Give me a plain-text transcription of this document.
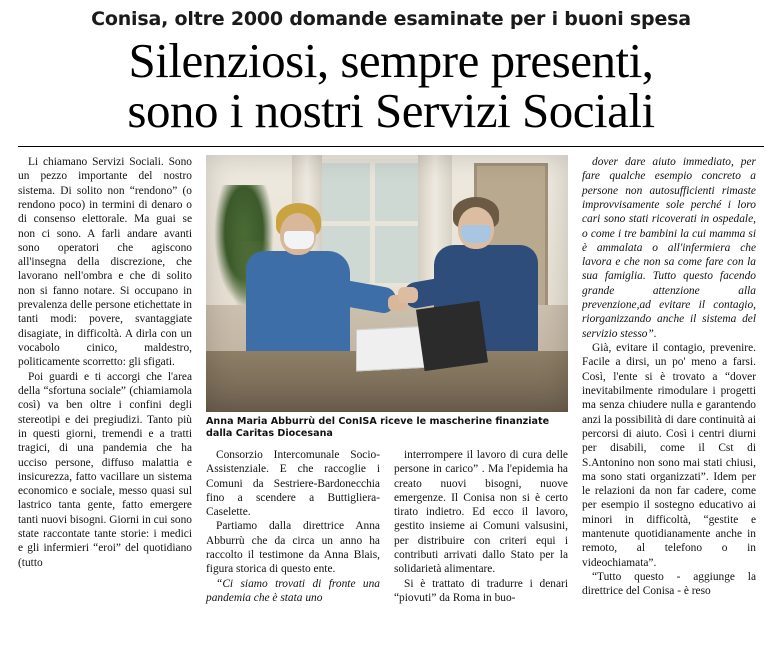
Conisa, oltre 2000 domande esaminate per i buoni spesa
Silenziosi, sempre presenti,
sono i nostri Servizi Sociali

Li chiamano Servizi Sociali. Sono un pezzo importante del nostro sistema. Di solito non “rendono” (o rendono poco) in termini di denaro o di consenso elettorale. Ma guai se non ci sono. A farli andare avanti sono operatori che agiscono all'insegna della discrezione, che lavorano nell'ombra e che di solito non si fanno notare. Si occupano in prevalenza delle persone etichettate in tanti modi: povere, svantaggiate disagiate, in difficoltà. A dirla con un vocabolo cinico, maldestro, politicamente scorretto: gli sfigati.

Poi guardi e ti accorgi che l'area della “sfortuna sociale” (chiamiamola così) va ben oltre i confini degli stereotipi e dei pregiudizi. Tanto più in questi giorni, tremendi e a tratti tragici, di una pandemia che ha ucciso persone, diffuso malattia e insicurezza, fatto vacillare un sistema economico e sociale, messo quasi sul lastrico tanta gente, fatto emergere tanti nuovi bisogni. Giorni in cui sono state raccontate tante storie: i medici e gli infermieri “eroi” del quotidiano (tutto

Anna Maria Abburrù del ConISA riceve le mascherine finanziate dalla Caritas Diocesana

Consorzio Intercomunale Socio-Assistenziale. E che raccoglie i Comuni da Sestriere-Bardonecchia fino a scendere a Buttigliera-Caselette.

Partiamo dalla direttrice Anna Abburrù che da circa un anno ha raccolto il testimone da Anna Blais, figura storica di questo ente.

“Ci siamo trovati di fronte una pandemia che è stata uno

interrompere il lavoro di cura delle persone in carico” . Ma l'epidemia ha creato nuovi bisogni, nuove emergenze. Il Conisa non si è certo tirato indietro. Ed ecco il lavoro, gestito insieme ai Comuni valsusini, per distribuire con criteri equi i contributi arrivati dallo Stato per la solidarietà alimentare.

Si è trattato di tradurre i denari “piovuti” da Roma in buo-

dover dare aiuto immediato, per fare qualche esempio concreto a persone non autosufficienti rimaste improvvisamente sole perché i loro cari sono stati ricoverati in ospedale, o come i tre bambini la cui mamma si è ammalata o all'infermiera che lavora e che non sa come fare con la sua famiglia. Tutto questo facendo grande attenzione alla prevenzione,ad evitare il contagio, riorganizzando anche il sistema del servizio stesso”.

Già, evitare il contagio, prevenire. Facile a dirsi, un po' meno a farsi. Così, l'ente si è trovato a “dover inevitabilmente rimodulare i progetti ma senza chiudere nulla e garantendo anzi la possibilità di dare continuità ai percorsi di aiuto. Così i centri diurni per disabili, come il Cst di S.Antonino non sono mai stati chiusi, ma sono stati organizzati”. Idem per le relazioni da non far cadere, come per esempio il sostegno educativo ai minori in difficoltà, “gestite e mantenute quotidianamente anche in remoto, al telefono o in videochiamata”.

“Tutto questo - aggiunge la direttrice del Conisa - è reso
